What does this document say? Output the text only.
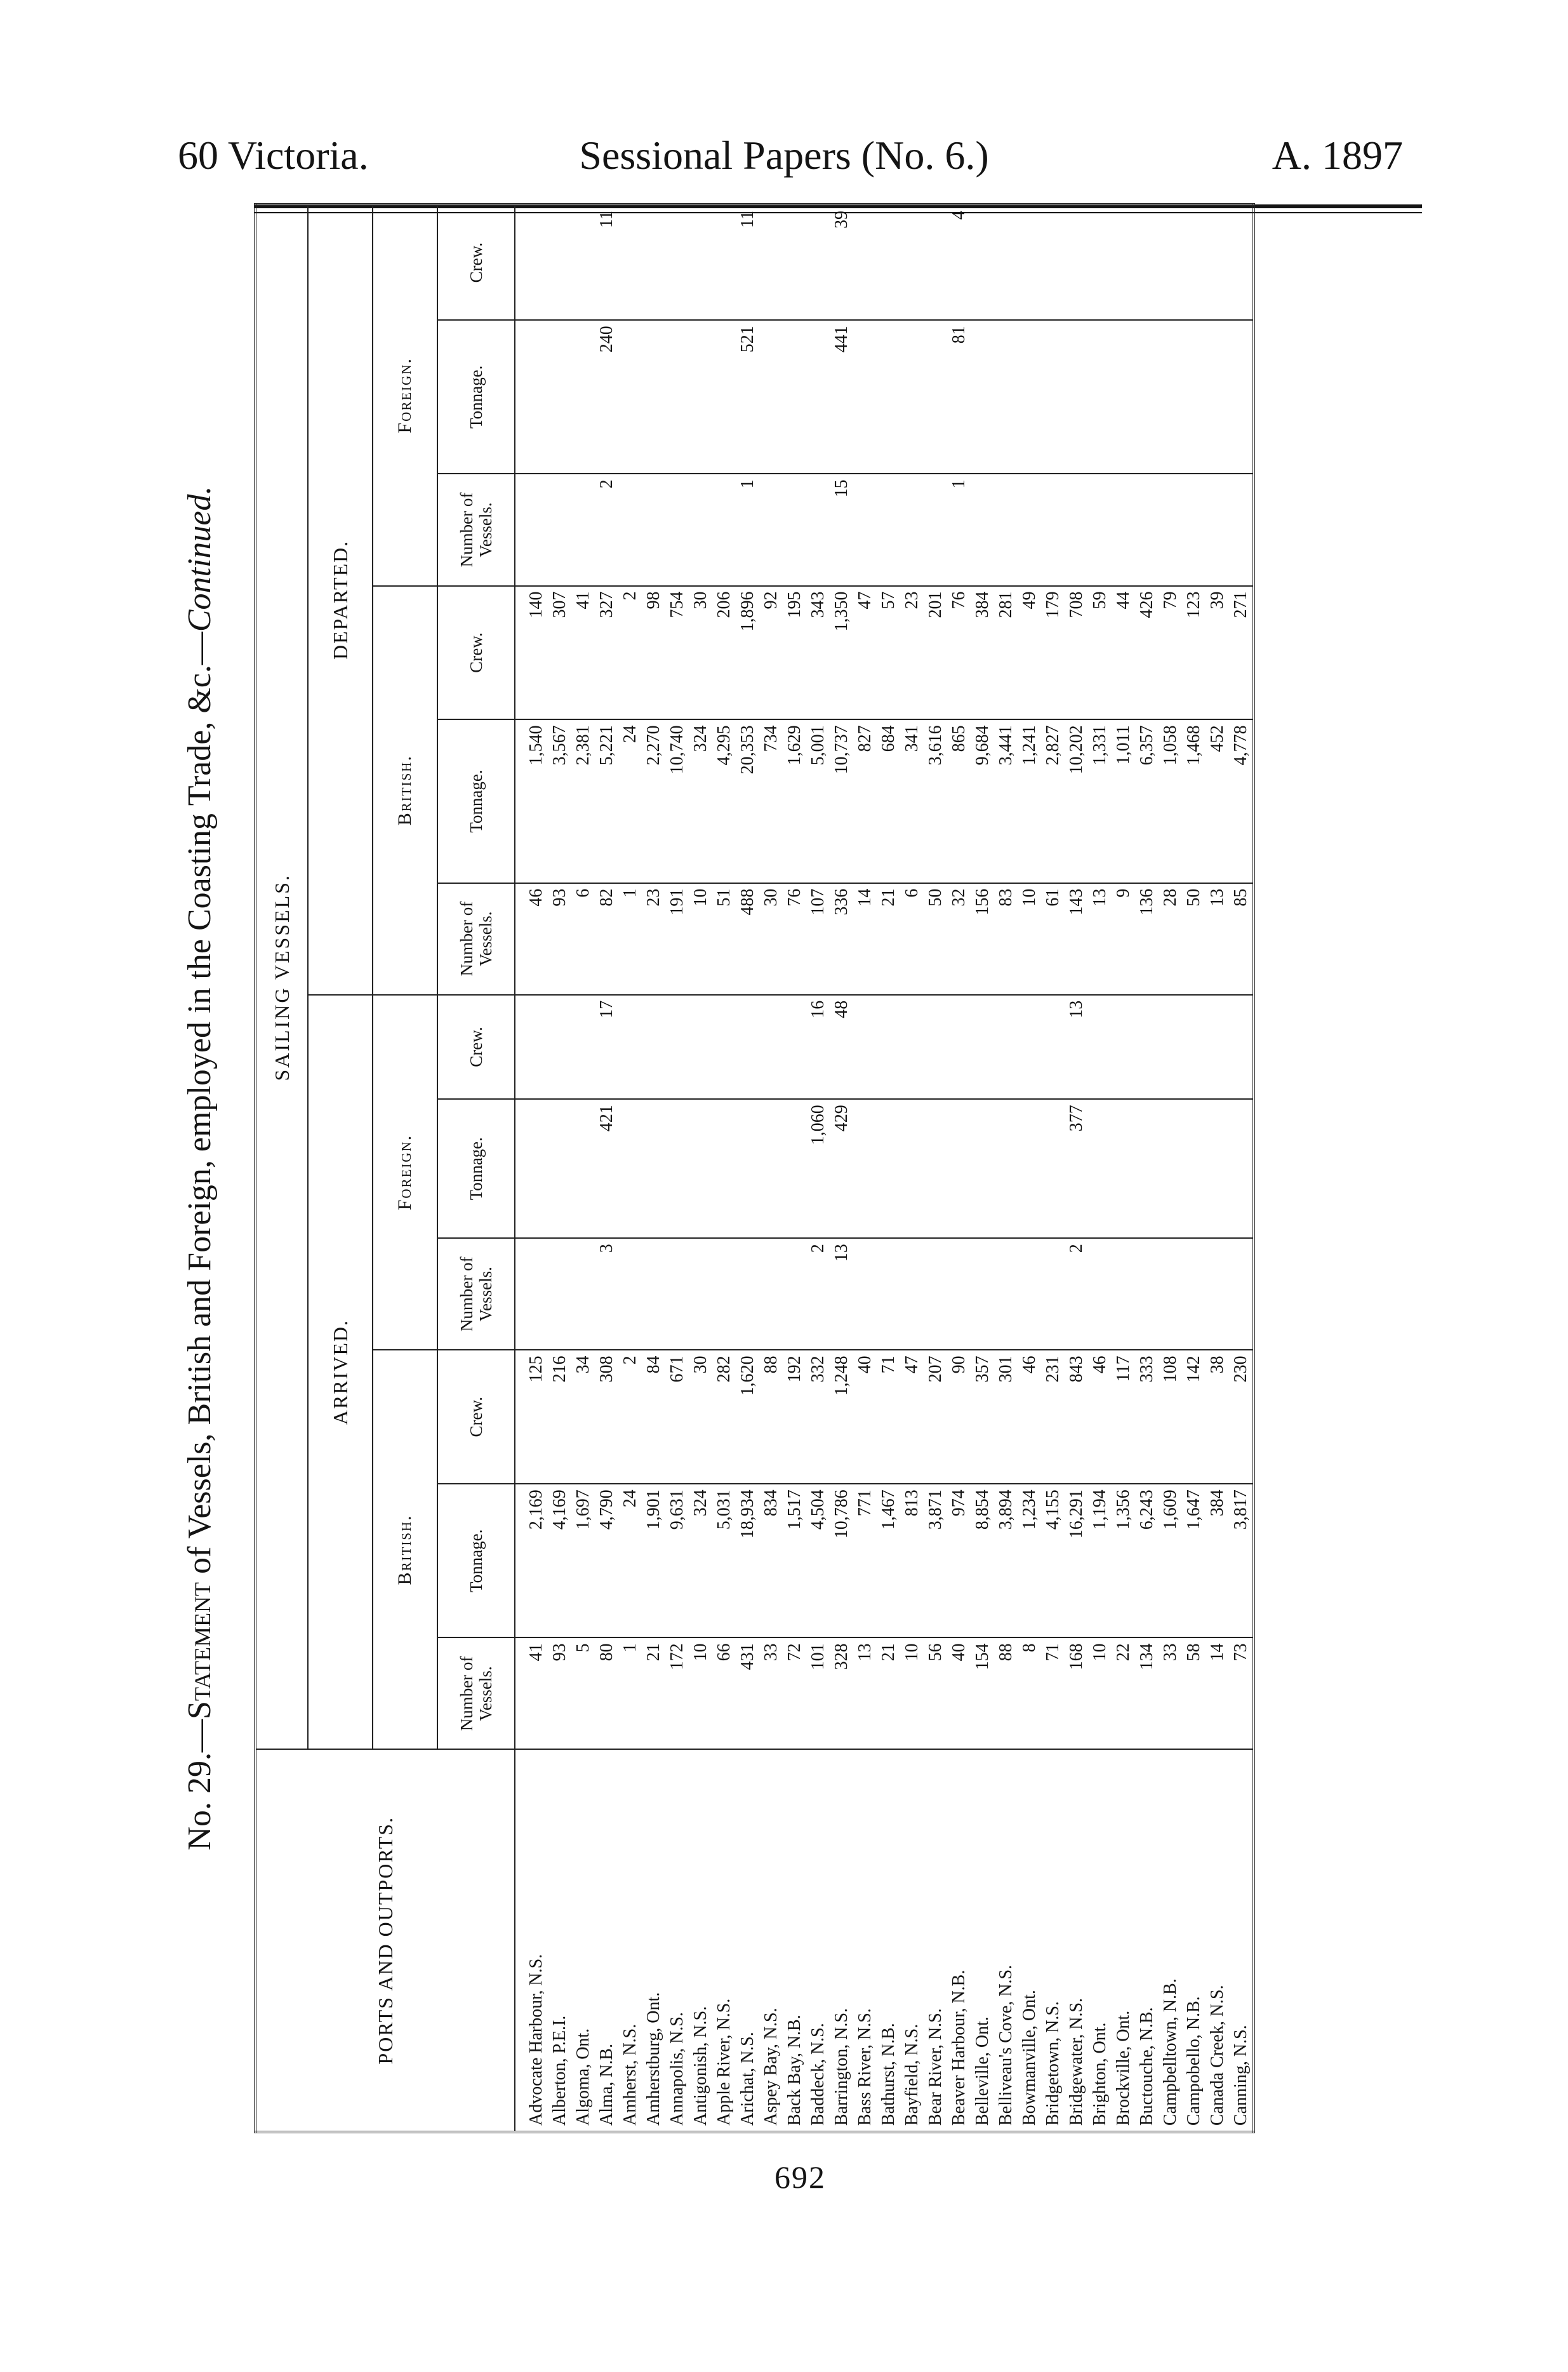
60 Victoria.	Sessional Papers (No. 6.)	A. 1897
No. 29.—Statement of Vessels, British and Foreign, employed in the Coasting Trade, &c.—Continued.
PORTS AND OUTPORTS.	SAILING VESSELS.											
	ARRIVED.						DEPARTED.					
	British.			Foreign.			British.			Foreign.		
	Number of Vessels.	Tonnage.	Crew.	Number of Vessels.	Tonnage.	Crew.	Number of Vessels.	Tonnage.	Crew.	Number of Vessels.	Tonnage.	Crew.
Advocate Harbour, N.S.	41	2,169	125				46	1,540	140			
Alberton, P.E.I.	93	4,169	216				93	3,567	307			
Algoma, Ont.	5	1,697	34				6	2,381	41			
Alma, N.B.	80	4,790	308	3	421	17	82	5,221	327	2	240	11
Amherst, N.S.	1	24	2				1	24	2			
Amherstburg, Ont.	21	1,901	84				23	2,270	98			
Annapolis, N.S.	172	9,631	671				191	10,740	754			
Antigonish, N.S.	10	324	30				10	324	30			
Apple River, N.S.	66	5,031	282				51	4,295	206			
Arichat, N.S.	431	18,934	1,620				488	20,353	1,896	1	521	11
Aspey Bay, N.S.	33	834	88				30	734	92			
Back Bay, N.B.	72	1,517	192				76	1,629	195			
Baddeck, N.S.	101	4,504	332	2	1,060	16	107	5,001	343			
Barrington, N.S.	328	10,786	1,248	13	429	48	336	10,737	1,350	15	441	39
Bass River, N.S.	13	771	40				14	827	47			
Bathurst, N.B.	21	1,467	71				21	684	57			
Bayfield, N.S.	10	813	47				6	341	23			
Bear River, N.S.	56	3,871	207				50	3,616	201			
Beaver Harbour, N.B.	40	974	90				32	865	76	1	81	4
Belleville, Ont.	154	8,854	357				156	9,684	384			
Belliveau's Cove, N.S.	88	3,894	301				83	3,441	281			
Bowmanville, Ont.	8	1,234	46				10	1,241	49			
Bridgetown, N.S.	71	4,155	231				61	2,827	179			
Bridgewater, N.S.	168	16,291	843	2	377	13	143	10,202	708			
Brighton, Ont.	10	1,194	46				13	1,331	59			
Brockville, Ont.	22	1,356	117				9	1,011	44			
Buctouche, N.B.	134	6,243	333				136	6,357	426			
Campbelltown, N.B.	33	1,609	108				28	1,058	79			
Campobello, N.B.	58	1,647	142				50	1,468	123			
Canada Creek, N.S.	14	384	38				13	452	39			
Canning, N.S.	73	3,817	230				85	4,778	271			
692
